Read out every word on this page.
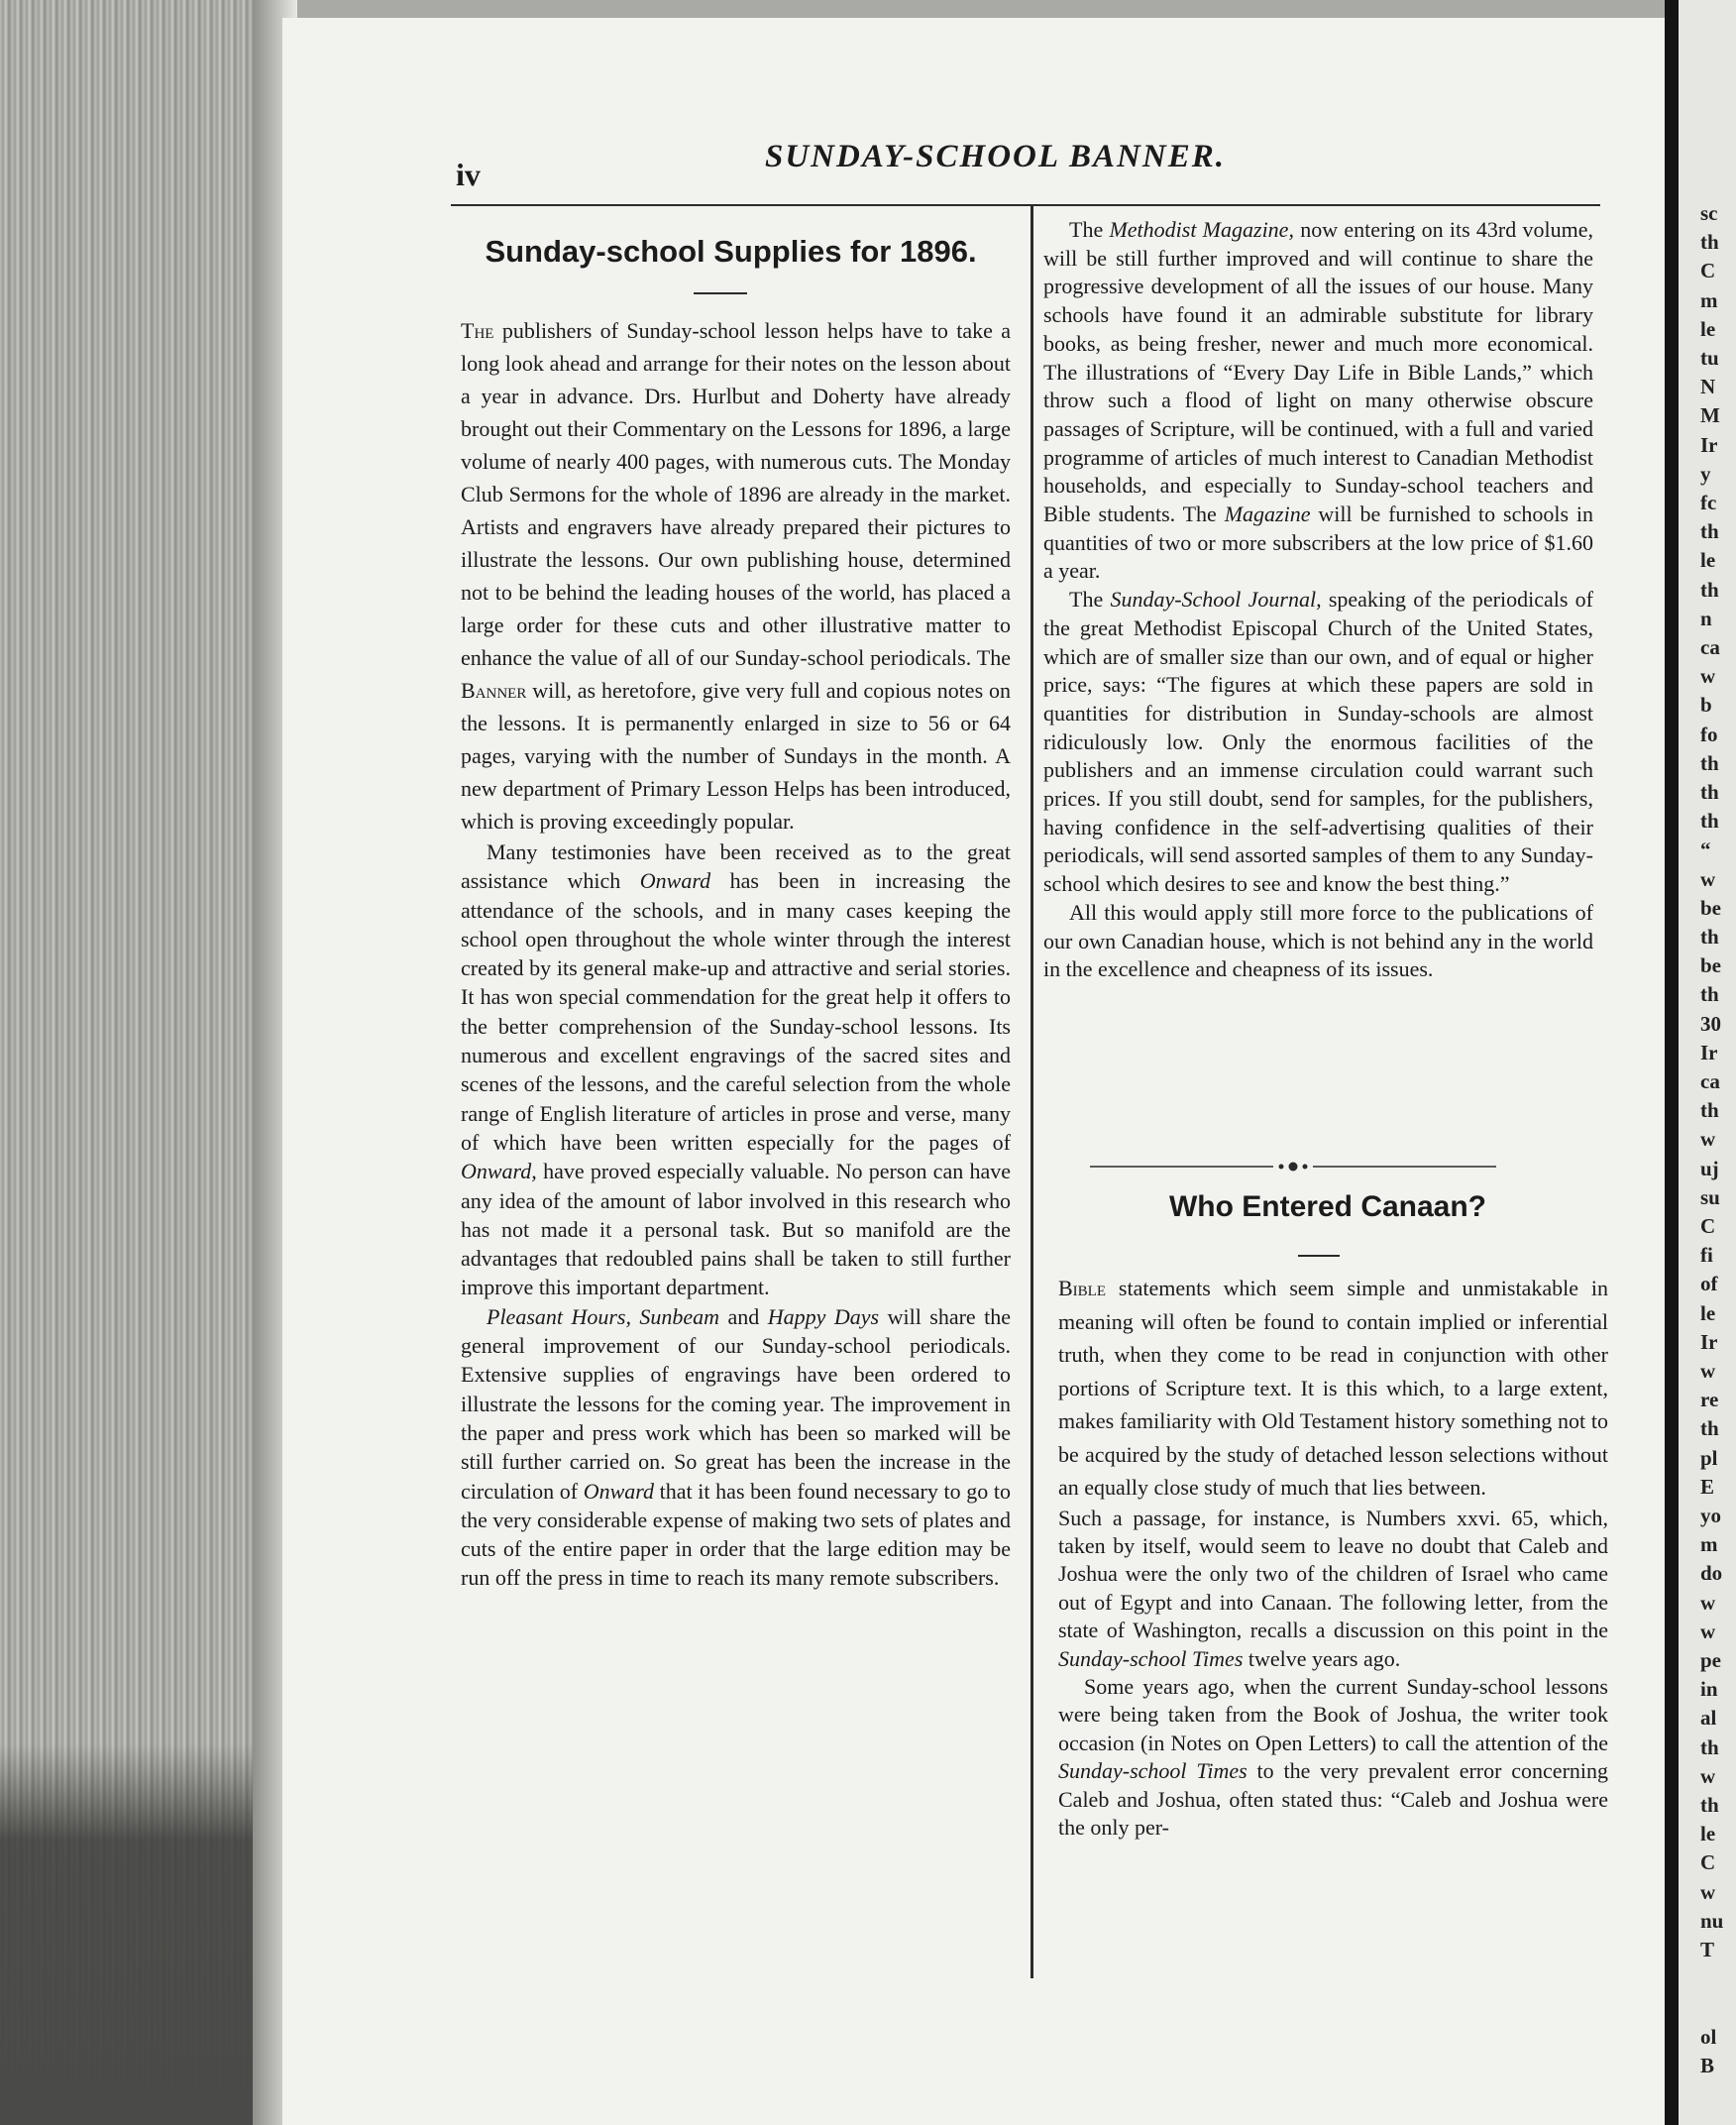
sc
th
C
m
le
tu
N
M
Ir
y
fc
th
le
th
n
ca
w
b
fo
th
th
th
“
w
be
th
be
th
30
Ir
ca
th
w
uj
su
C
fi
of
le
Ir
w
re
th
pl
E
yo
m
do
w
w
pe
in
al
th
w
th
le
C
w
nu
T
ol
B
iv	SUNDAY-SCHOOL BANNER.
Sunday-school Supplies for 1896.

The publishers of Sunday-school lesson helps have to take a long look ahead and arrange for their notes on the lesson about a year in advance. Drs. Hurlbut and Doherty have already brought out their Commentary on the Lessons for 1896, a large volume of nearly 400 pages, with numerous cuts. The Monday Club Sermons for the whole of 1896 are already in the market. Artists and engravers have already prepared their pictures to illustrate the lessons. Our own publishing house, determined not to be behind the leading houses of the world, has placed a large order for these cuts and other illustrative matter to enhance the value of all of our Sunday-school periodicals. The Banner will, as heretofore, give very full and copious notes on the lessons. It is permanently enlarged in size to 56 or 64 pages, varying with the number of Sundays in the month. A new department of Primary Lesson Helps has been introduced, which is proving exceedingly popular.

Many testimonies have been received as to the great assistance which Onward has been in increasing the attendance of the schools, and in many cases keeping the school open throughout the whole winter through the interest created by its general make-up and attractive and serial stories. It has won special commendation for the great help it offers to the better comprehension of the Sunday-school lessons. Its numerous and excellent engravings of the sacred sites and scenes of the lessons, and the careful selection from the whole range of English literature of articles in prose and verse, many of which have been written especially for the pages of Onward, have proved especially valuable. No person can have any idea of the amount of labor involved in this research who has not made it a personal task. But so manifold are the advantages that redoubled pains shall be taken to still further improve this important department.

Pleasant Hours, Sunbeam and Happy Days will share the general improvement of our Sunday-school periodicals. Extensive supplies of engravings have been ordered to illustrate the lessons for the coming year. The improvement in the paper and press work which has been so marked will be still further carried on. So great has been the increase in the circulation of Onward that it has been found necessary to go to the very considerable expense of making two sets of plates and cuts of the entire paper in order that the large edition may be run off the press in time to reach its many remote subscribers.

The Methodist Magazine, now entering on its 43rd volume, will be still further improved and will continue to share the progressive development of all the issues of our house. Many schools have found it an admirable substitute for library books, as being fresher, newer and much more economical. The illustrations of “Every Day Life in Bible Lands,” which throw such a flood of light on many otherwise obscure passages of Scripture, will be continued, with a full and varied programme of articles of much interest to Canadian Methodist households, and especially to Sunday-school teachers and Bible students. The Magazine will be furnished to schools in quantities of two or more subscribers at the low price of $1.60 a year.

The Sunday-School Journal, speaking of the periodicals of the great Methodist Episcopal Church of the United States, which are of smaller size than our own, and of equal or higher price, says: “The figures at which these papers are sold in quantities for distribution in Sunday-schools are almost ridiculously low. Only the enormous facilities of the publishers and an immense circulation could warrant such prices. If you still doubt, send for samples, for the publishers, having confidence in the self-advertising qualities of their periodicals, will send assorted samples of them to any Sunday-school which desires to see and know the best thing.”

All this would apply still more force to the publications of our own Canadian house, which is not behind any in the world in the excellence and cheapness of its issues.

Who Entered Canaan?

Bible statements which seem simple and unmistakable in meaning will often be found to contain implied or inferential truth, when they come to be read in conjunction with other portions of Scripture text. It is this which, to a large extent, makes familiarity with Old Testament history something not to be acquired by the study of detached lesson selections without an equally close study of much that lies between.

Such a passage, for instance, is Numbers xxvi. 65, which, taken by itself, would seem to leave no doubt that Caleb and Joshua were the only two of the children of Israel who came out of Egypt and into Canaan. The following letter, from the state of Washington, recalls a discussion on this point in the Sunday-school Times twelve years ago.

Some years ago, when the current Sunday-school lessons were being taken from the Book of Joshua, the writer took occasion (in Notes on Open Letters) to call the attention of the Sunday-school Times to the very prevalent error concerning Caleb and Joshua, often stated thus: “Caleb and Joshua were the only per-
